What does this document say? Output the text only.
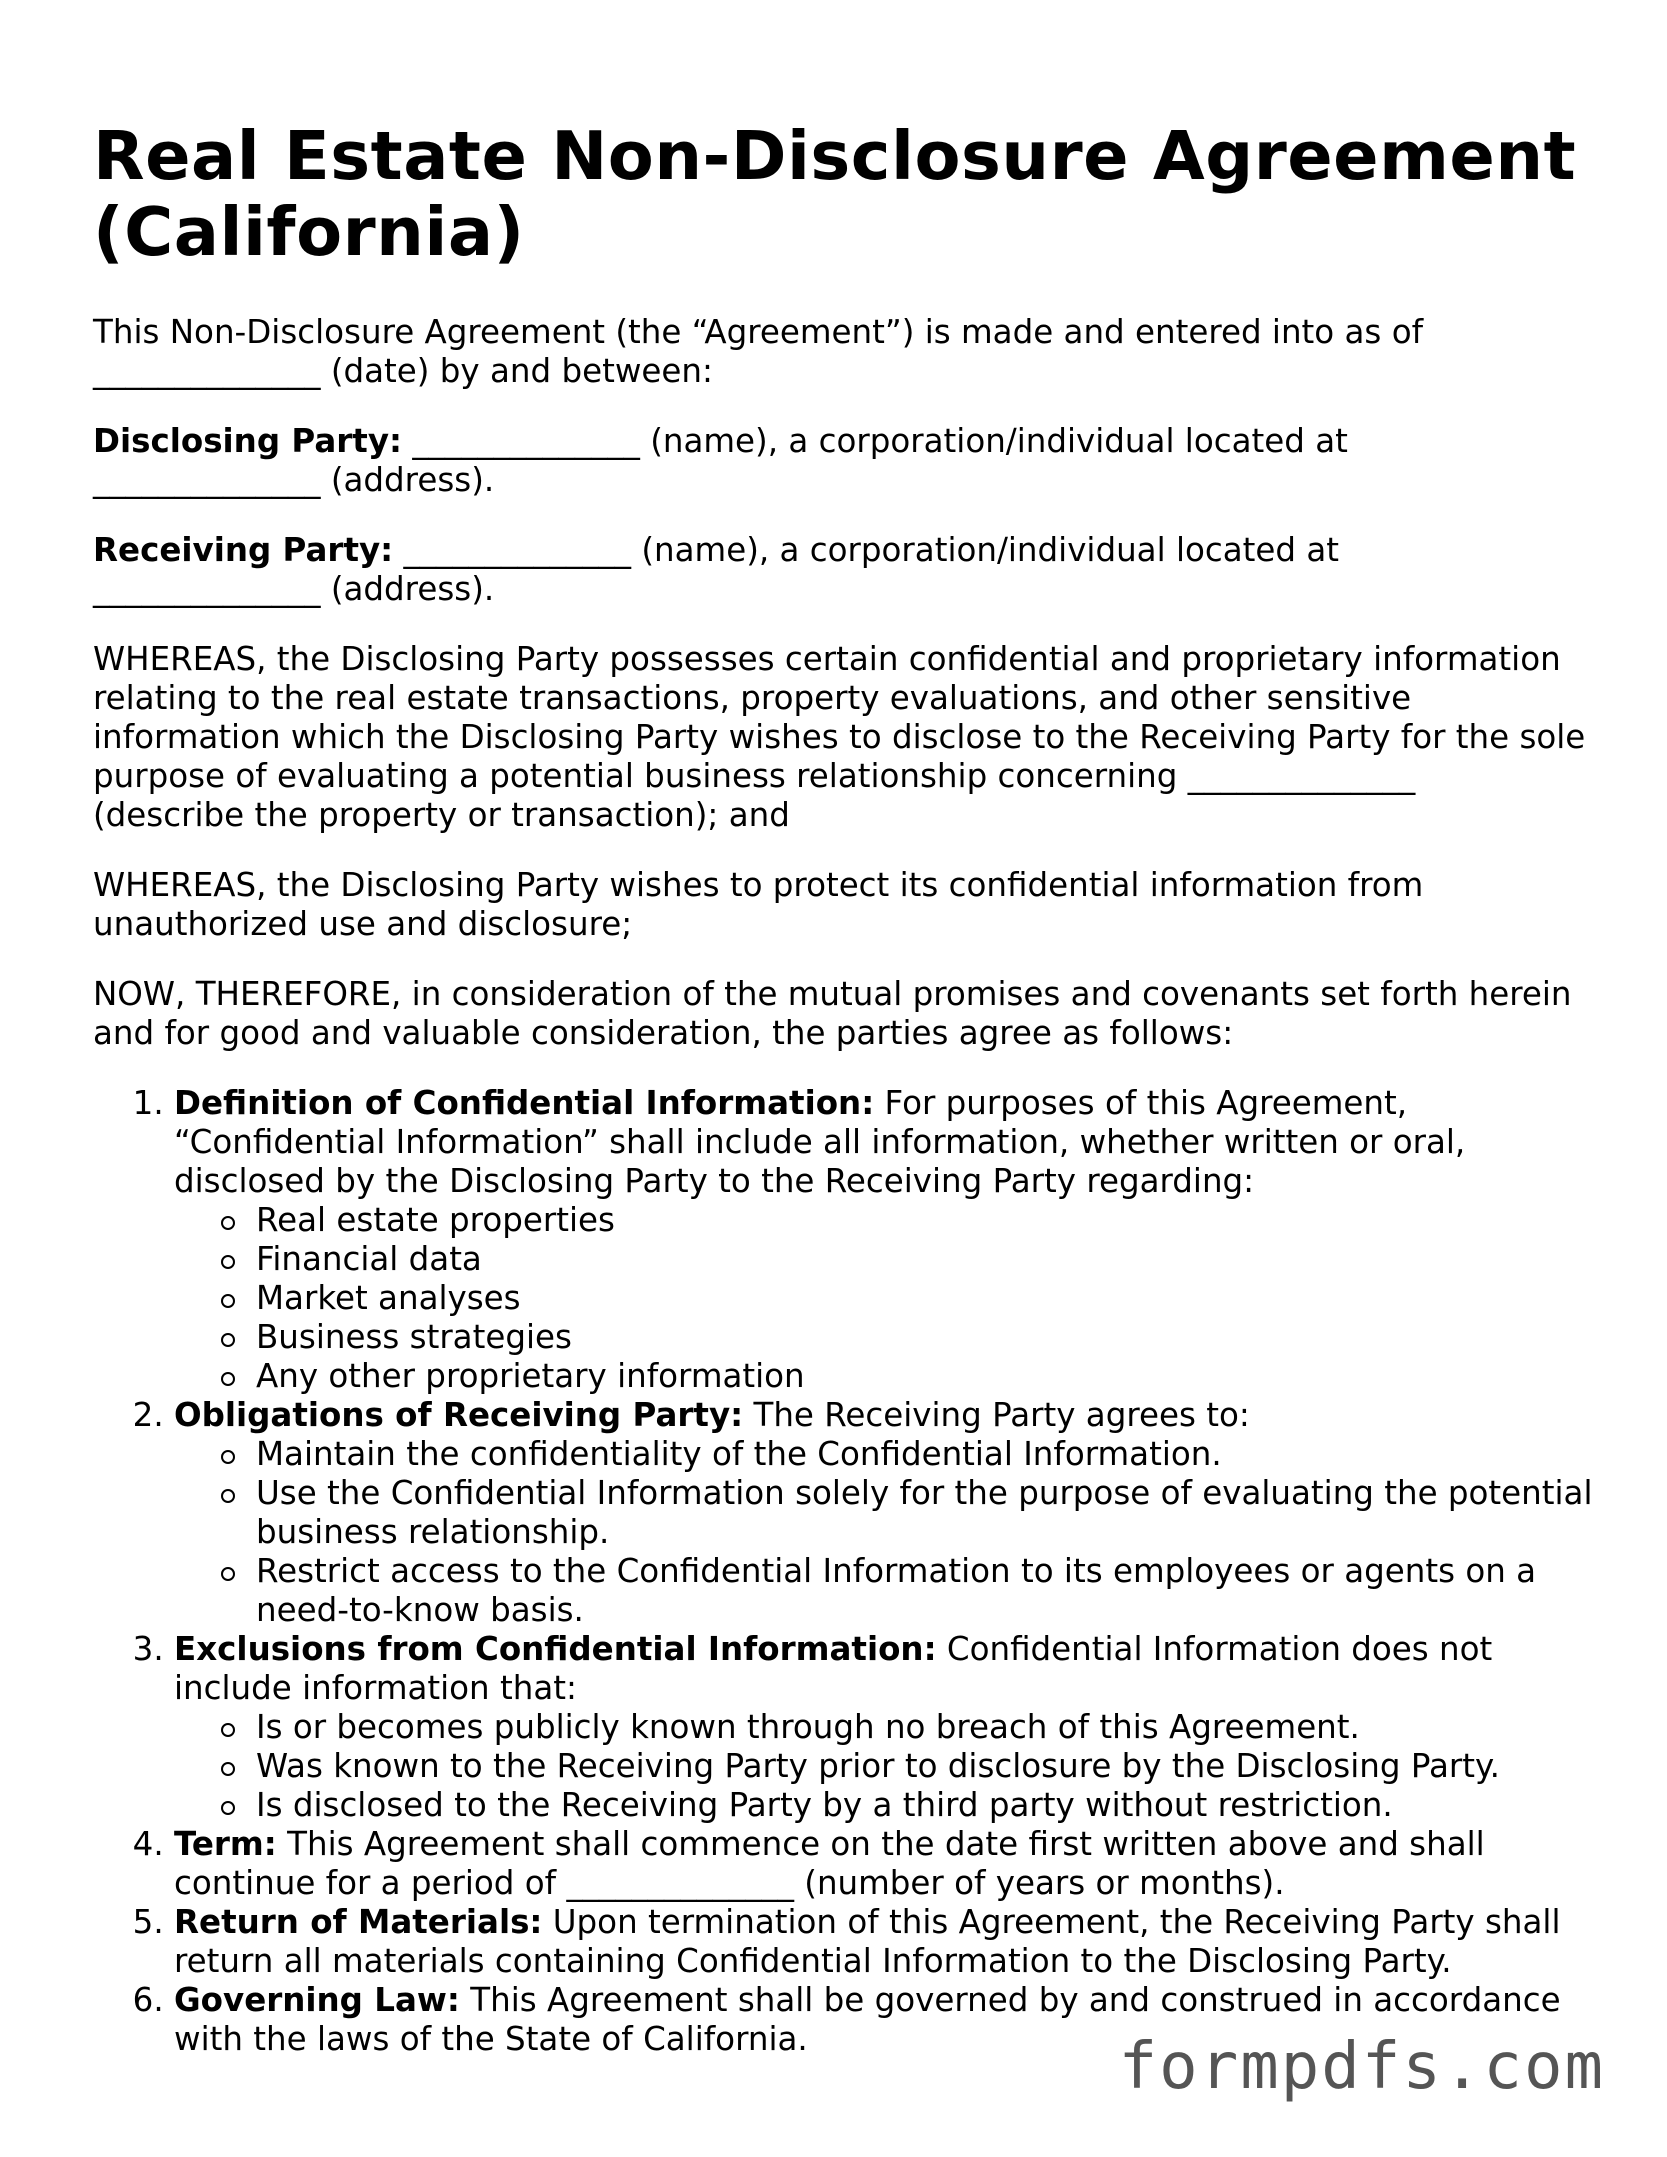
Real Estate Non-Disclosure Agreement (California)

This Non-Disclosure Agreement (the “Agreement”) is made and entered into as of
______________ (date) by and between:

Disclosing Party: ______________ (name), a corporation/individual located at
______________ (address).

Receiving Party: ______________ (name), a corporation/individual located at
______________ (address).

WHEREAS, the Disclosing Party possesses certain confidential and proprietary information relating to the real estate transactions, property evaluations, and other sensitive information which the Disclosing Party wishes to disclose to the Receiving Party for the sole purpose of evaluating a potential business relationship concerning ______________
(describe the property or transaction); and

WHEREAS, the Disclosing Party wishes to protect its confidential information from unauthorized use and disclosure;

NOW, THEREFORE, in consideration of the mutual promises and covenants set forth herein and for good and valuable consideration, the parties agree as follows:

1. Definition of Confidential Information: For purposes of this Agreement, “Confidential Information” shall include all information, whether written or oral, disclosed by the Disclosing Party to the Receiving Party regarding:
Real estate properties
Financial data
Market analyses
Business strategies
Any other proprietary information
2. Obligations of Receiving Party: The Receiving Party agrees to:
Maintain the confidentiality of the Confidential Information.
Use the Confidential Information solely for the purpose of evaluating the potential business relationship.
Restrict access to the Confidential Information to its employees or agents on a need-to-know basis.
3. Exclusions from Confidential Information: Confidential Information does not include information that:
Is or becomes publicly known through no breach of this Agreement.
Was known to the Receiving Party prior to disclosure by the Disclosing Party.
Is disclosed to the Receiving Party by a third party without restriction.
4. Term: This Agreement shall commence on the date first written above and shall continue for a period of ______________ (number of years or months).
5. Return of Materials: Upon termination of this Agreement, the Receiving Party shall return all materials containing Confidential Information to the Disclosing Party.
6. Governing Law: This Agreement shall be governed by and construed in accordance with the laws of the State of California.	formpdfs.com
